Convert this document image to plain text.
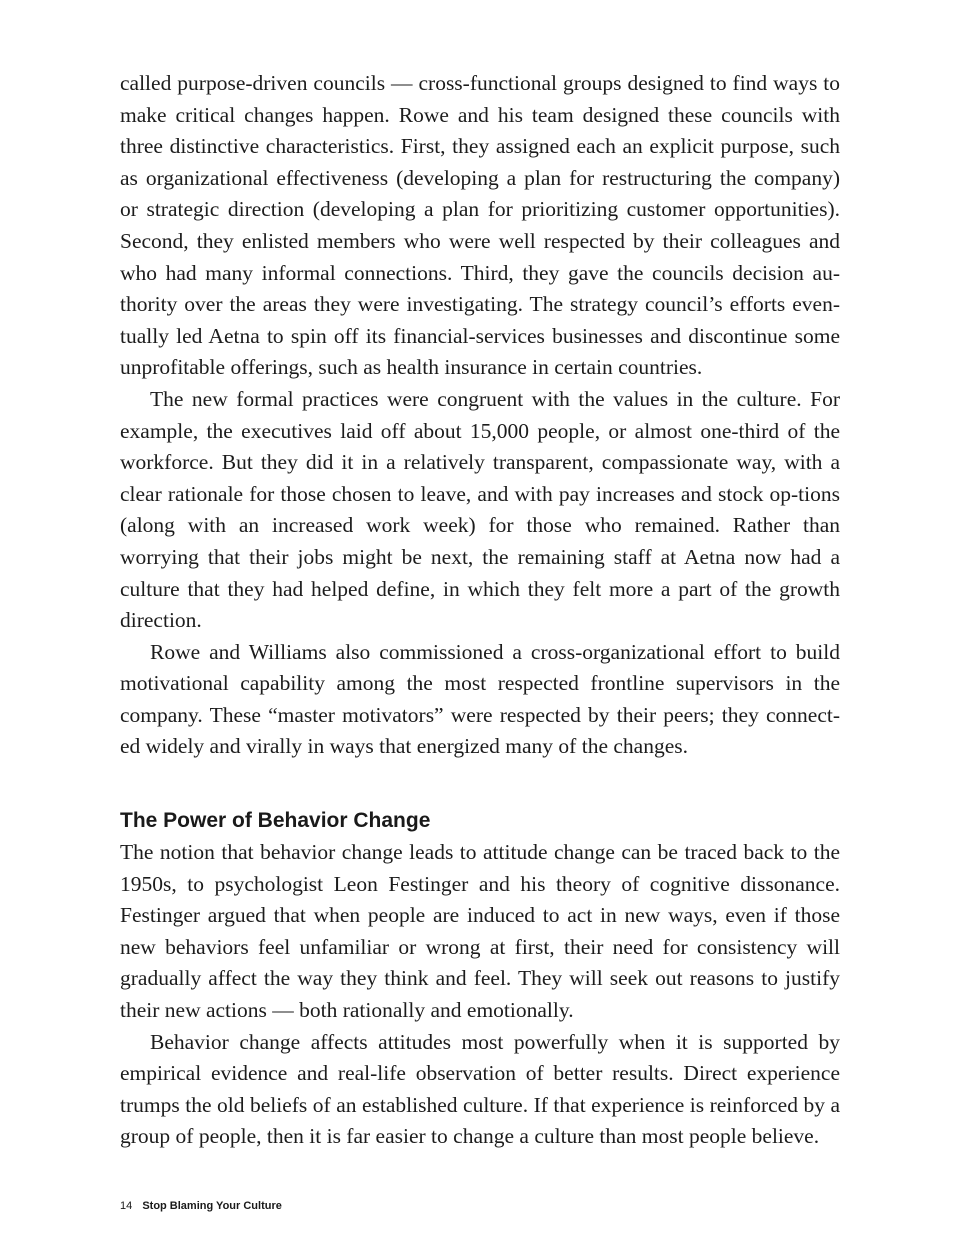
called purpose-driven councils — cross-functional groups designed to find ways to make critical changes happen. Rowe and his team designed these councils with three distinctive characteristics. First, they assigned each an explicit purpose, such as organizational effectiveness (developing a plan for restructuring the company) or strategic direction (developing a plan for prioritizing customer opportunities). Second, they enlisted members who were well respected by their colleagues and who had many informal connections. Third, they gave the councils decision au-thority over the areas they were investigating. The strategy council’s efforts even-tually led Aetna to spin off its financial-services businesses and discontinue some unprofitable offerings, such as health insurance in certain countries.

The new formal practices were congruent with the values in the culture. For example, the executives laid off about 15,000 people, or almost one-third of the workforce. But they did it in a relatively transparent, compassionate way, with a clear rationale for those chosen to leave, and with pay increases and stock op-tions (along with an increased work week) for those who remained. Rather than worrying that their jobs might be next, the remaining staff at Aetna now had a culture that they had helped define, in which they felt more a part of the growth direction.

Rowe and Williams also commissioned a cross-organizational effort to build motivational capability among the most respected frontline supervisors in the company. These “master motivators” were respected by their peers; they connect-ed widely and virally in ways that energized many of the changes.

The Power of Behavior Change

The notion that behavior change leads to attitude change can be traced back to the 1950s, to psychologist Leon Festinger and his theory of cognitive dissonance. Festinger argued that when people are induced to act in new ways, even if those new behaviors feel unfamiliar or wrong at first, their need for consistency will gradually affect the way they think and feel. They will seek out reasons to justify their new actions — both rationally and emotionally.

Behavior change affects attitudes most powerfully when it is supported by empirical evidence and real-life observation of better results. Direct experience trumps the old beliefs of an established culture. If that experience is reinforced by a group of people, then it is far easier to change a culture than most people believe.

14 Stop Blaming Your Culture
